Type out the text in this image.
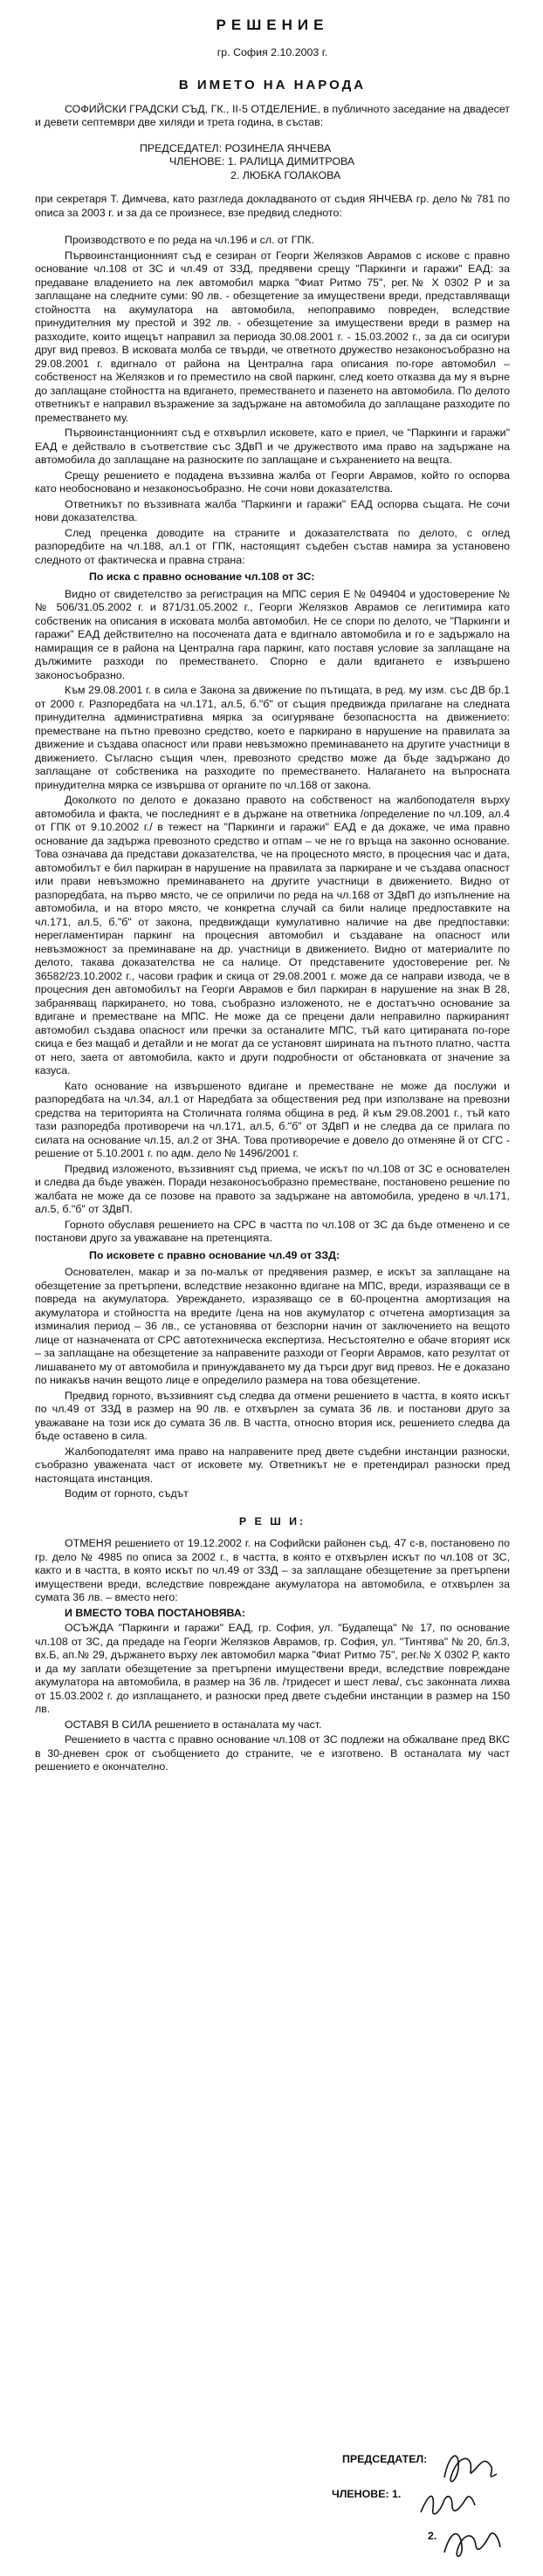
РЕШЕНИЕ
гр. София 2.10.2003 г.
В ИМЕТО НА НАРОДА

СОФИЙСКИ ГРАДСКИ СЪД, ГК., II-5 ОТДЕЛЕНИЕ, в публичното заседание на двадесет и девети септември две хиляди и трета година, в състав:

ПРЕДСЕДАТЕЛ: РОЗИНЕЛА ЯНЧЕВА
ЧЛЕНОВЕ: 1. РАЛИЦА ДИМИТРОВА
2. ЛЮБКА ГОЛАКОВА

при секретаря Т. Димчева, като разгледа докладваното от съдия ЯНЧЕВА гр. дело № 781 по описа за 2003 г. и за да се произнесе, взе предвид следното:

Производството е по реда на чл.196 и сл. от ГПК.

Първоинстанционният съд е сезиран от Георги Желязков Аврамов с искове с правно основание чл.108 от ЗС и чл.49 от ЗЗД, предявени срещу "Паркинги и гаражи" ЕАД: за предаване владението на лек автомобил марка "Фиат Ритмо 75", рег.№ X 0302 Р и за заплащане на следните суми: 90 лв. - обезщетение за имуществени вреди, представляващи стойността на акумулатора на автомобила, непоправимо повреден, вследствие принудителния му престой и 392 лв. - обезщетение за имуществени вреди в размер на разходите, които ищецът направил за периода 30.08.2001 г. - 15.03.2002 г., за да си осигури друг вид превоз. В исковата молба се твърди, че ответното дружество незаконосъобразно на 29.08.2001 г. вдигнало от района на Централна гара описания по-горе автомобил – собственост на Желязков и го преместило на свой паркинг, след което отказва да му я върне до заплащане стойността на вдигането, преместването и пазенето на автомобила. По делото ответникът е направил възражение за задържане на автомобила до заплащане разходите по преместването му.

Първоинстанционният съд е отхвърлил исковете, като е приел, че "Паркинги и гаражи" ЕАД е действало в съответствие със ЗДвП и че дружеството има право на задържане на автомобила до заплащане на разноските по заплащане и съхранението на вещта.

Срещу решението е подадена въззивна жалба от Георги Аврамов, който го оспорва като необосновано и незаконосъобразно. Не сочи нови доказателства.

Ответникът по въззивната жалба "Паркинги и гаражи" ЕАД оспорва същата. Не сочи нови доказателства.

След преценка доводите на страните и доказателствата по делото, с оглед разпоредбите на чл.188, ал.1 от ГПК, настоящият съдебен състав намира за установено следното от фактическа и правна страна:

По иска с правно основание чл.108 от ЗС:

Видно от свидетелство за регистрация на МПС серия Е № 049404 и удостоверение №№ 506/31.05.2002 г. и 871/31.05.2002 г., Георги Желязков Аврамов се легитимира като собственик на описания в исковата молба автомобил. Не се спори по делото, че "Паркинги и гаражи" ЕАД действително на посочената дата е вдигнало автомобила и го е задържало на намиращия се в района на Централна гара паркинг, като поставя условие за заплащане на дължимите разходи по преместването. Спорно е дали вдигането е извършено законосъобразно.

Към 29.08.2001 г. в сила е Закона за движение по пътищата, в ред. му изм. със ДВ бр.1 от 2000 г. Разпоредбата на чл.171, ал.5, б."б" от същия предвижда прилагане на следната принудителна административна мярка за осигуряване безопасността на движението: преместване на пътно превозно средство, което е паркирано в нарушение на правилата за движение и създава опасност или прави невъзможно преминаването на другите участници в движението. Съгласно същия член, превозното средство може да бъде задържано до заплащане от собственика на разходите по преместването. Налагането на въпросната принудителна мярка се извършва от органите по чл.168 от закона.

Доколкото по делото е доказано правото на собственост на жалбоподателя върху автомобила и факта, че последният е в държане на ответника /определение по чл.109, ал.4 от ГПК от 9.10.2002 г./ в тежест на "Паркинги и гаражи" ЕАД е да докаже, че има правно основание да задържа превозното средство и отпам – че не го връща на законно основание. Това означава да представи доказателства, че на процесното място, в процесния час и дата, автомобилът е бил паркиран в нарушение на правилата за паркиране и че създава опасност или прави невъзможно преминаването на другите участници в движението. Видно от разпоредбата, на първо място, че се оприличи по реда на чл.168 от ЗДвП до изпълнение на автомобила, и на второ място, че конкретна случай са били налице предпоставките на чл.171, ал.5, б."б" от закона, предвиждащи кумулативно наличие на две предпоставки: нерегламентиран паркинг на процесния автомобил и създаване на опасност или невъзможност за преминаване на др. участници в движението. Видно от материалите по делото, такава доказателства не са налице. От представените удостоверение рег.№ 36582/23.10.2002 г., часови график и скица от 29.08.2001 г. може да се направи извода, че в процесния ден автомобилът на Георги Аврамов е бил паркиран в нарушение на знак В 28, забраняващ паркирането, но това, съобразно изложеното, не е достатъчно основание за вдигане и преместване на МПС. Не може да се прецени дали неправилно паркираният автомобил създава опасност или пречки за останалите МПС, тъй като цитираната по-горе скица е без мащаб и детайли и не могат да се установят ширината на пътното платно, частта от него, заета от автомобила, както и други подробности от обстановката от значение за казуса.

Като основание на извършеното вдигане и преместване не може да послужи и разпоредбата на чл.34, ал.1 от Наредбата за обществения ред при използване на превозни средства на територията на Столичната голяма община в ред. й към 29.08.2001 г., тъй като тази разпоредба противоречи на чл.171, ал.5, б."б" от ЗДвП и не следва да се прилага по силата на основание чл.15, ал.2 от ЗНА. Това противоречие е довело до отменяне й от СГС - решение от 5.10.2001 г. по адм. дело № 1496/2001 г.

Предвид изложеното, въззивният съд приема, че искът по чл.108 от ЗС е основателен и следва да бъде уважен. Поради незаконосъобразно преместване, постановено решение по жалбата не може да се позове на правото за задържане на автомобила, уредено в чл.171, ал.5, б."б" от ЗДвП.

Горното обуславя решението на СРС в частта по чл.108 от ЗС да бъде отменено и се постанови друго за уважаване на претенцията.

По исковете с правно основание чл.49 от ЗЗД:

Основателен, макар и за по-малък от предявения размер, е искът за заплащане на обезщетение за претърпени, вследствие незаконно вдигане на МПС, вреди, изразяващи се в повреда на акумулатора. Увреждането, изразяващо се в 60-процентна амортизация на акумулатора и стойността на вредите /цена на нов акумулатор с отчетена амортизация за изминалия период – 36 лв., се установява от безспорни начин от заключението на вещото лице от назначената от СРС автотехническа експертиза. Несъстоятелно е обаче вторият иск – за заплащане на обезщетение за направените разходи от Георги Аврамов, като резултат от лишаването му от автомобила и принуждаването му да търси друг вид превоз. Не е доказано по никакъв начин вещото лице е определило размера на това обезщетение.

Предвид горното, въззивният съд следва да отмени решението в частта, в която искът по чл.49 от ЗЗД в размер на 90 лв. е отхвърлен за сумата 36 лв. и постанови друго за уважаване на този иск до сумата 36 лв. В частта, относно втория иск, решението следва да бъде оставено в сила.

Жалбоподателят има право на направените пред двете съдебни инстанции разноски, съобразно уважената част от исковете му. Ответникът не е претендирал разноски пред настоящата инстанция.

Водим от горното, съдът

Р Е Ш И:

ОТМЕНЯ решението от 19.12.2002 г. на Софийски районен съд, 47 с-в, постановено по гр. дело № 4985 по описа за 2002 г., в частта, в която е отхвърлен искът по чл.108 от ЗС, както и в частта, в която искът по чл.49 от ЗЗД – за заплащане обезщетение за претърпени имуществени вреди, вследствие повреждане акумулатора на автомобила, е отхвърлен за сумата 36 лв. – вместо него:

И ВМЕСТО ТОВА ПОСТАНОВЯВА:

ОСЪЖДА "Паркинги и гаражи" ЕАД, гр. София, ул. "Будапеща" № 17, по основание чл.108 от ЗС, да предаде на Георги Желязков Аврамов, гр. София, ул. "Тинтява" № 20, бл.3, вх.Б, ап.№ 29, държането върху лек автомобил марка "Фиат Ритмо 75", рег.№ X 0302 Р, както и да му заплати обезщетение за претърпени имуществени вреди, вследствие повреждане акумулатора на автомобила, в размер на 36 лв. /тридесет и шест лева/, със законната лихва от 15.03.2002 г. до изплащането, и разноски пред двете съдебни инстанции в размер на 150 лв.

ОСТАВЯ В СИЛА решението в останалата му част.

Решението в частта с правно основание чл.108 от ЗС подлежи на обжалване пред ВКС в 30-дневен срок от съобщението до страните, че е изготвено. В останалата му част решението е окончателно.

ПРЕДСЕДАТЕЛ:
ЧЛЕНОВЕ: 1.
2.
